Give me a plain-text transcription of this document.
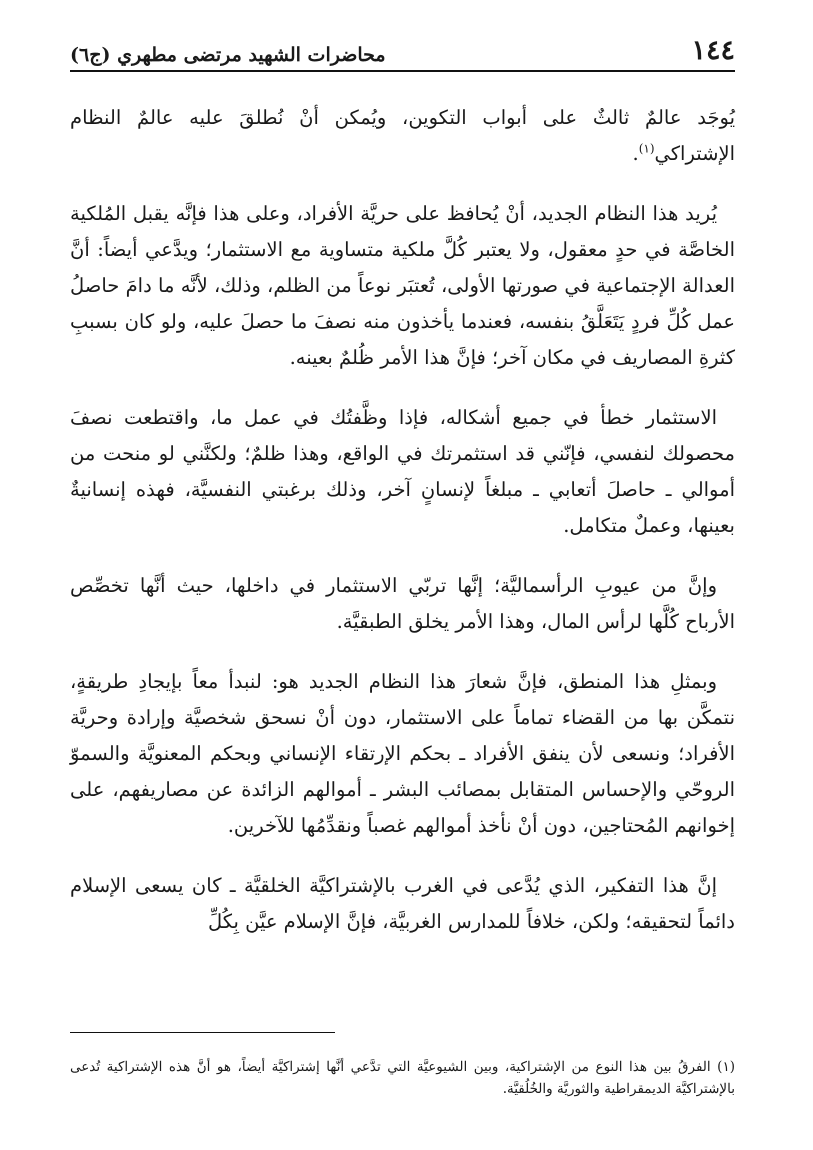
١٤٤
محاضرات الشهيد مرتضى مطهري (ج٦)

يُوجَد عالمٌ ثالثٌ على أبواب التكوين، ويُمكن أنْ نُطلقَ عليه عالمٌ النظام الإشتراكي$^{(١)}$.

يُريد هذا النظام الجديد، أنْ يُحافظ على حريَّة الأفراد، وعلى هذا فإنَّه يقبل المُلكية الخاصَّة في حدٍ معقول، ولا يعتبر كُلَّ ملكية متساوية مع الاستثمار؛ ويدَّعي أيضاً: أنَّ العدالة الإجتماعية في صورتها الأولى، تُعتبَر نوعاً من الظلم، وذلك، لأنَّه ما دامَ حاصلُ عمل كُلِّ فردٍ يَتَعَلَّقُ بنفسه، فعندما يأخذون منه نصفَ ما حصلَ عليه، ولو كان بسببِ كثرةِ المصاريف في مكان آخر؛ فإنَّ هذا الأمر ظُلمٌ بعينه.

الاستثمار خطأ في جميع أشكاله، فإذا وظَّفتُك في عمل ما، واقتطعت نصفَ محصولك لنفسي، فإنّني قد استثمرتك في الواقع، وهذا ظلمٌ؛ ولكنَّني لو منحت من أموالي ـ حاصلَ أتعابي ـ مبلغاً لإنسانٍ آخر، وذلك برغبتي النفسيَّة، فهذه إنسانيةٌ بعينها، وعملٌ متكامل.

وإنَّ من عيوبِ الرأسماليَّة؛ إنَّها تربّي الاستثمار في داخلها، حيث أنَّها تخصِّص الأرباح كُلَّها لرأس المال، وهذا الأمر يخلق الطبقيَّة.

وبمثلِ هذا المنطق، فإنَّ شعارَ هذا النظام الجديد هو: لنبدأ معاً بإيجادِ طريقةٍ، نتمكَّن بها من القضاء تماماً على الاستثمار، دون أنْ نسحق شخصيَّة وإرادة وحريَّة الأفراد؛ ونسعى لأن ينفق الأفراد ـ بحكم الإرتقاء الإنساني وبحكم المعنويَّة والسموّ الروحّي والإحساس المتقابل بمصائب البشر ـ أموالهم الزائدة عن مصاريفهم، على إخوانهم المُحتاجين، دون أنْ نأخذ أموالهم غصباً ونقدِّمُها للآخرين.

إنَّ هذا التفكير، الذي يُدَّعى في الغرب بالإشتراكيَّة الخلقيَّة ـ كان يسعى الإسلام دائماً لتحقيقه؛ ولكن، خلافاً للمدارس الغربيَّة، فإنَّ الإسلام عيَّن بِكُلِّ

(١) الفرقُ بين هذا النوع من الإشتراكية، وبين الشيوعيَّة التي تدَّعي أنَّها إشتراكيَّة أيضاً، هو أنَّ هذه الإشتراكية تُدعى بالإشتراكيَّة الديمقراطية والثوريَّة والخُلُقيَّة.
